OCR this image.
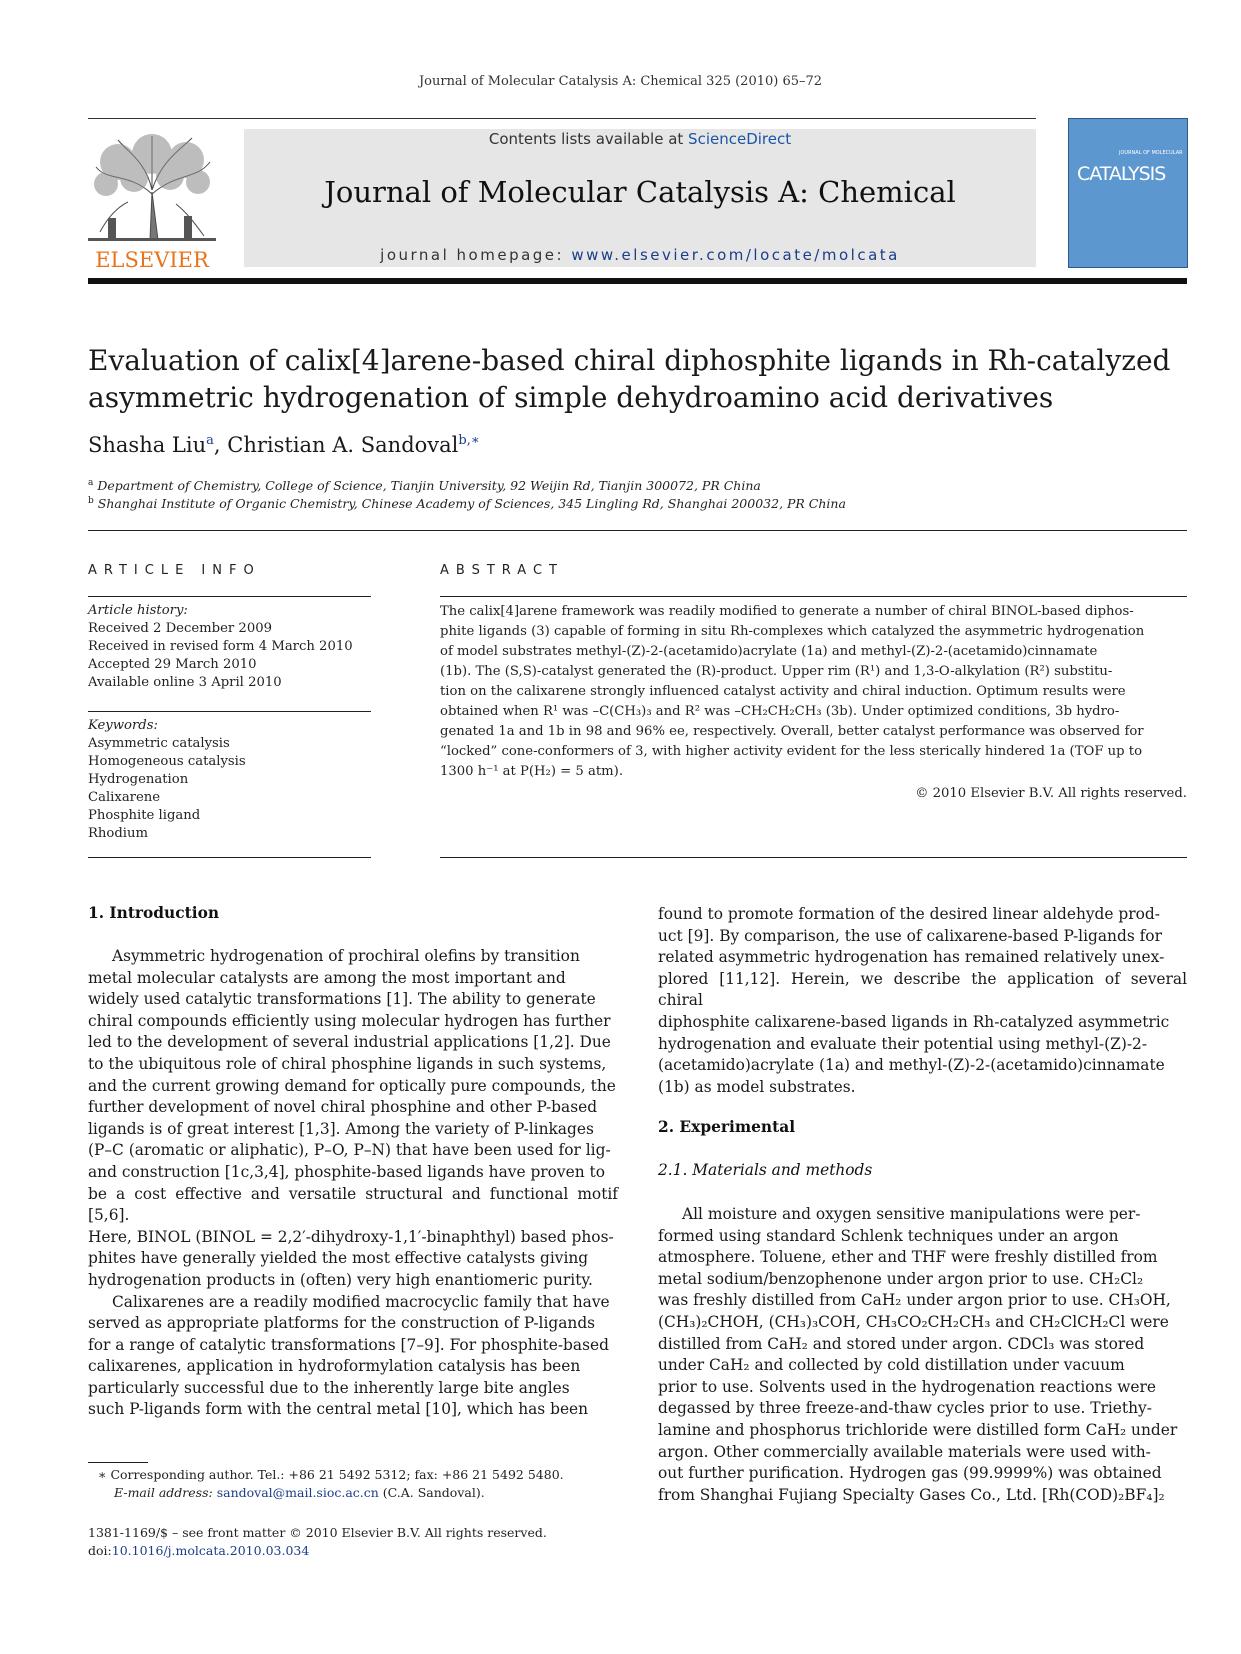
Journal of Molecular Catalysis A: Chemical 325 (2010) 65–72
ELSEVIER
Contents lists available at ScienceDirect
Journal of Molecular Catalysis A: Chemical
journal homepage: www.elsevier.com/locate/molcata
JOURNAL OF MOLECULAR
CATALYSIS
Evaluation of calix[4]arene-based chiral diphosphite ligands in Rh-catalyzed
asymmetric hydrogenation of simple dehydroamino acid derivatives
Shasha Liu$^a$, Christian A. Sandoval$^{b,∗}$
$^a$ Department of Chemistry, College of Science, Tianjin University, 92 Weijin Rd, Tianjin 300072, PR China
$^b$ Shanghai Institute of Organic Chemistry, Chinese Academy of Sciences, 345 Lingling Rd, Shanghai 200032, PR China
ARTICLE INFO
Article history:
Received 2 December 2009
Received in revised form 4 March 2010
Accepted 29 March 2010
Available online 3 April 2010
Keywords:
Asymmetric catalysis
Homogeneous catalysis
Hydrogenation
Calixarene
Phosphite ligand
Rhodium
ABSTRACT
The calix[4]arene framework was readily modified to generate a number of chiral BINOL-based diphos-
phite ligands (3) capable of forming in situ Rh-complexes which catalyzed the asymmetric hydrogenation
of model substrates methyl-(Z)-2-(acetamido)acrylate (1a) and methyl-(Z)-2-(acetamido)cinnamate
(1b). The (S,S)-catalyst generated the (R)-product. Upper rim (R¹) and 1,3-O-alkylation (R²) substitu-
tion on the calixarene strongly influenced catalyst activity and chiral induction. Optimum results were
obtained when R¹ was –C(CH₃)₃ and R² was –CH₂CH₂CH₃ (3b). Under optimized conditions, 3b hydro-
genated 1a and 1b in 98 and 96% ee, respectively. Overall, better catalyst performance was observed for
“locked” cone-conformers of 3, with higher activity evident for the less sterically hindered 1a (TOF up to
1300 h⁻¹ at P(H₂) = 5 atm).
© 2010 Elsevier B.V. All rights reserved.
1. Introduction
Asymmetric hydrogenation of prochiral olefins by transition
metal molecular catalysts are among the most important and
widely used catalytic transformations [1]. The ability to generate
chiral compounds efficiently using molecular hydrogen has further
led to the development of several industrial applications [1,2]. Due
to the ubiquitous role of chiral phosphine ligands in such systems,
and the current growing demand for optically pure compounds, the
further development of novel chiral phosphine and other P-based
ligands is of great interest [1,3]. Among the variety of P-linkages
(P–C (aromatic or aliphatic), P–O, P–N) that have been used for lig-
and construction [1c,3,4], phosphite-based ligands have proven to
be a cost effective and versatile structural and functional motif [5,6].
Here, BINOL (BINOL = 2,2′-dihydroxy-1,1′-binaphthyl) based phos-
phites have generally yielded the most effective catalysts giving
hydrogenation products in (often) very high enantiomeric purity.
Calixarenes are a readily modified macrocyclic family that have
served as appropriate platforms for the construction of P-ligands
for a range of catalytic transformations [7–9]. For phosphite-based
calixarenes, application in hydroformylation catalysis has been
particularly successful due to the inherently large bite angles
such P-ligands form with the central metal [10], which has been
∗ Corresponding author. Tel.: +86 21 5492 5312; fax: +86 21 5492 5480.
E-mail address: sandoval@mail.sioc.ac.cn (C.A. Sandoval).
1381-1169/$ – see front matter © 2010 Elsevier B.V. All rights reserved.
doi:10.1016/j.molcata.2010.03.034
found to promote formation of the desired linear aldehyde prod-
uct [9]. By comparison, the use of calixarene-based P-ligands for
related asymmetric hydrogenation has remained relatively unex-
plored [11,12]. Herein, we describe the application of several chiral
diphosphite calixarene-based ligands in Rh-catalyzed asymmetric
hydrogenation and evaluate their potential using methyl-(Z)-2-
(acetamido)acrylate (1a) and methyl-(Z)-2-(acetamido)cinnamate
(1b) as model substrates.
2. Experimental
2.1. Materials and methods
All moisture and oxygen sensitive manipulations were per-
formed using standard Schlenk techniques under an argon
atmosphere. Toluene, ether and THF were freshly distilled from
metal sodium/benzophenone under argon prior to use. CH₂Cl₂
was freshly distilled from CaH₂ under argon prior to use. CH₃OH,
(CH₃)₂CHOH, (CH₃)₃COH, CH₃CO₂CH₂CH₃ and CH₂ClCH₂Cl were
distilled from CaH₂ and stored under argon. CDCl₃ was stored
under CaH₂ and collected by cold distillation under vacuum
prior to use. Solvents used in the hydrogenation reactions were
degassed by three freeze-and-thaw cycles prior to use. Triethy-
lamine and phosphorus trichloride were distilled form CaH₂ under
argon. Other commercially available materials were used with-
out further purification. Hydrogen gas (99.9999%) was obtained
from Shanghai Fujiang Specialty Gases Co., Ltd. [Rh(COD)₂BF₄]₂
